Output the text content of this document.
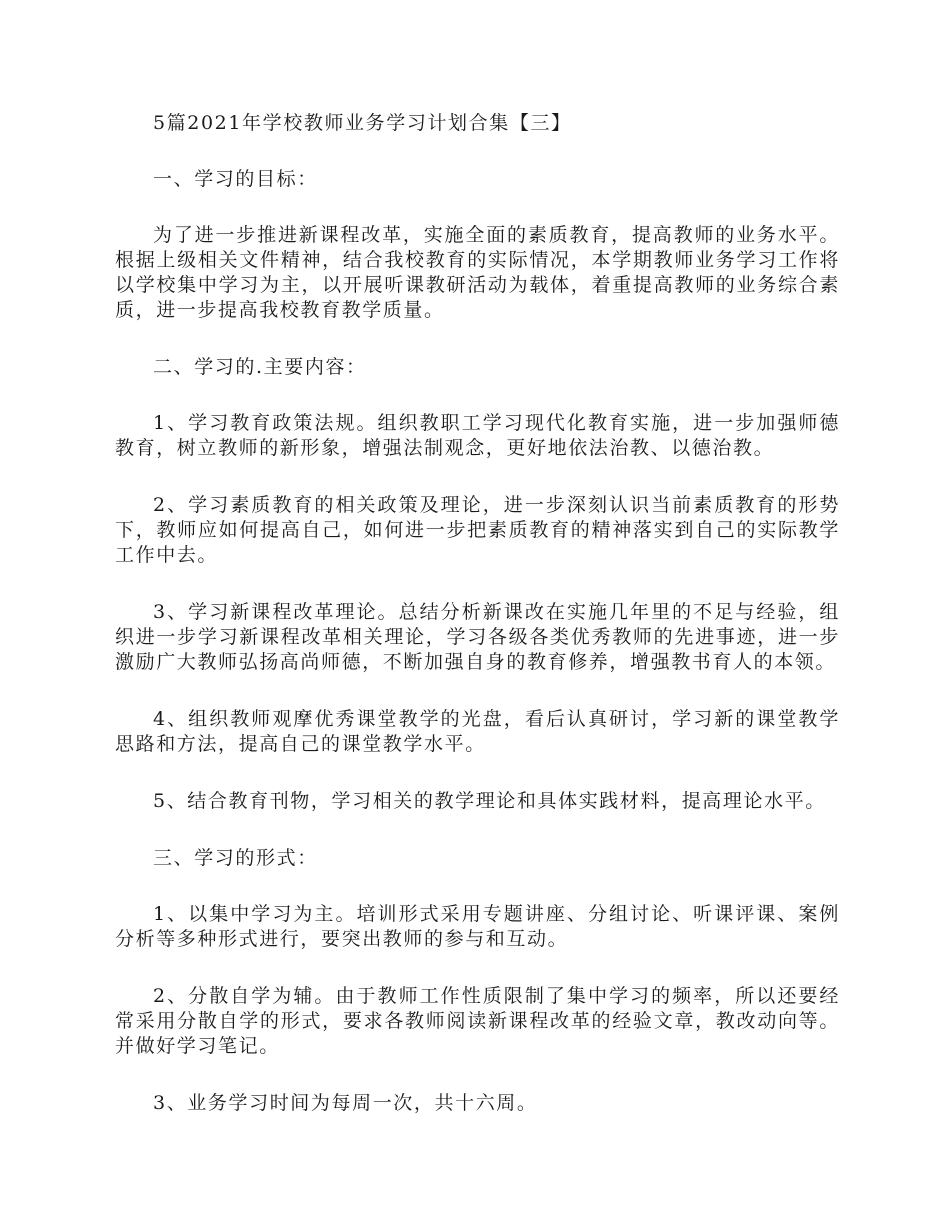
5篇2021年学校教师业务学习计划合集【三】

一、学习的目标：

为了进一步推进新课程改革，实施全面的素质教育，提高教师的业务水平。根据上级相关文件精神，结合我校教育的实际情况，本学期教师业务学习工作将以学校集中学习为主，以开展听课教研活动为载体，着重提高教师的业务综合素质，进一步提高我校教育教学质量。

二、学习的.主要内容：

1、学习教育政策法规。组织教职工学习现代化教育实施，进一步加强师德教育，树立教师的新形象，增强法制观念，更好地依法治教、以德治教。

2、学习素质教育的相关政策及理论，进一步深刻认识当前素质教育的形势下，教师应如何提高自己，如何进一步把素质教育的精神落实到自己的实际教学工作中去。

3、学习新课程改革理论。总结分析新课改在实施几年里的不足与经验，组织进一步学习新课程改革相关理论，学习各级各类优秀教师的先进事迹，进一步激励广大教师弘扬高尚师德，不断加强自身的教育修养，增强教书育人的本领。

4、组织教师观摩优秀课堂教学的光盘，看后认真研讨，学习新的课堂教学思路和方法，提高自己的课堂教学水平。

5、结合教育刊物，学习相关的教学理论和具体实践材料，提高理论水平。

三、学习的形式：

1、以集中学习为主。培训形式采用专题讲座、分组讨论、听课评课、案例分析等多种形式进行，要突出教师的参与和互动。

2、分散自学为辅。由于教师工作性质限制了集中学习的频率，所以还要经常采用分散自学的形式，要求各教师阅读新课程改革的经验文章，教改动向等。并做好学习笔记。

3、业务学习时间为每周一次，共十六周。
